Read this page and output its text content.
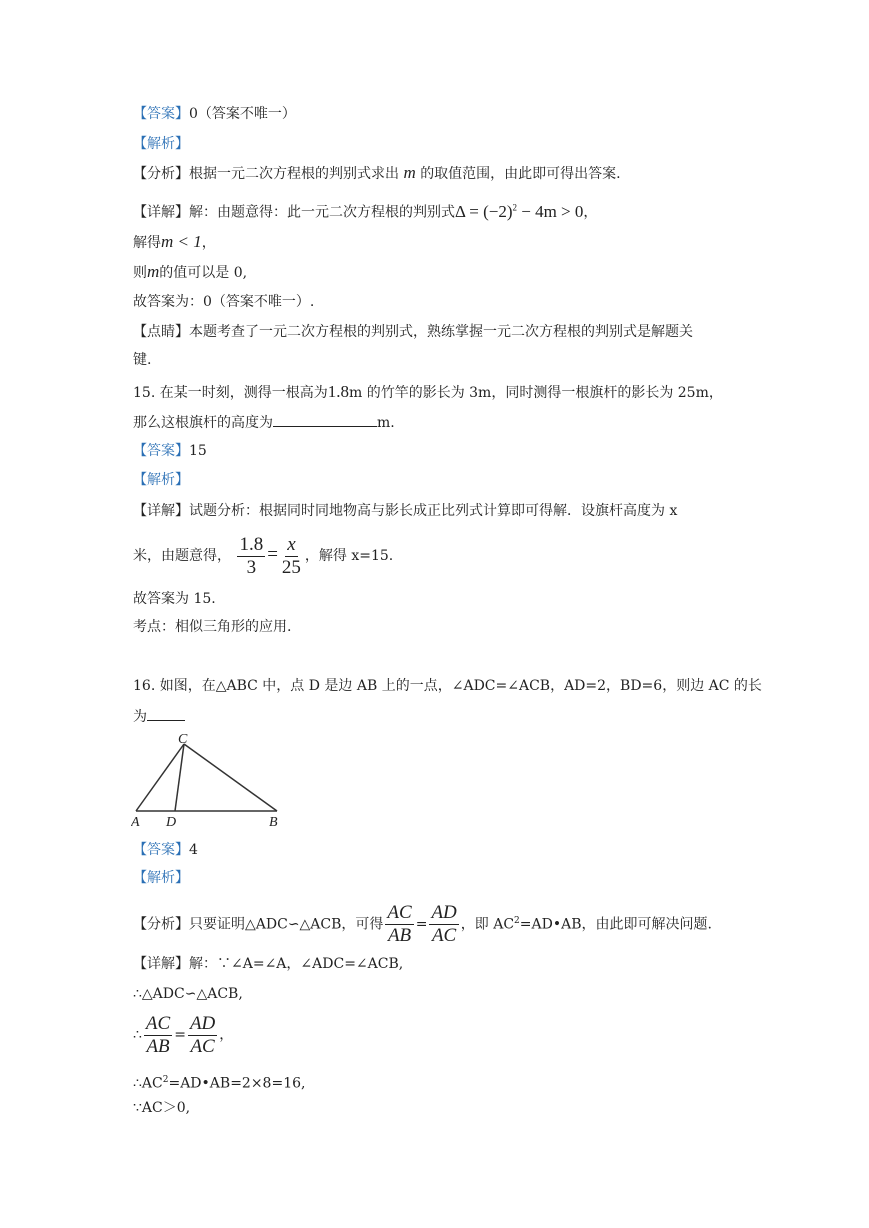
【答案】0（答案不唯一）
【解析】
【分析】根据一元二次方程根的判别式求出 m 的取值范围，由此即可得出答案.
【详解】解：由题意得：此一元二次方程根的判别式$\Delta = (-2)^2 - 4m > 0$，
解得m < 1，
则m的值可以是 0,
故答案为：0（答案不唯一）.
【点睛】本题考查了一元二次方程根的判别式，熟练掌握一元二次方程根的判别式是解题关
键.
15. 在某一时刻，测得一根高为1.8m 的竹竿的影长为 3m，同时测得一根旗杆的影长为 25m，
那么这根旗杆的高度为	m.
【答案】15
【解析】
【详解】试题分析：根据同时同地物高与影长成正比列式计算即可得解．设旗杆高度为 x
米，由题意得， $\frac{1.8}{3} = \frac{x}{25}$ ，解得 x=15.
故答案为 15.
考点：相似三角形的应用.
16. 如图，在△ABC 中，点 D 是边 AB 上的一点，∠ADC=∠ACB，AD=2，BD=6，则边 AC 的长
为
C
A D	B
【答案】4
【解析】
【分析】只要证明△ADC∽△ACB，可得 $\frac{AC}{AB} = \frac{AD}{AC}$ ，即 $AC^2=AD•AB$，由此即可解决问题.
【详解】解：∵∠A=∠A，∠ADC=∠ACB,
∴△ADC∽△ACB,
∴ $\frac{AC}{AB} = \frac{AD}{AC}$ ，
$\therefore AC^2=AD•AB=2\times 8=16$,
∵AC＞0,
